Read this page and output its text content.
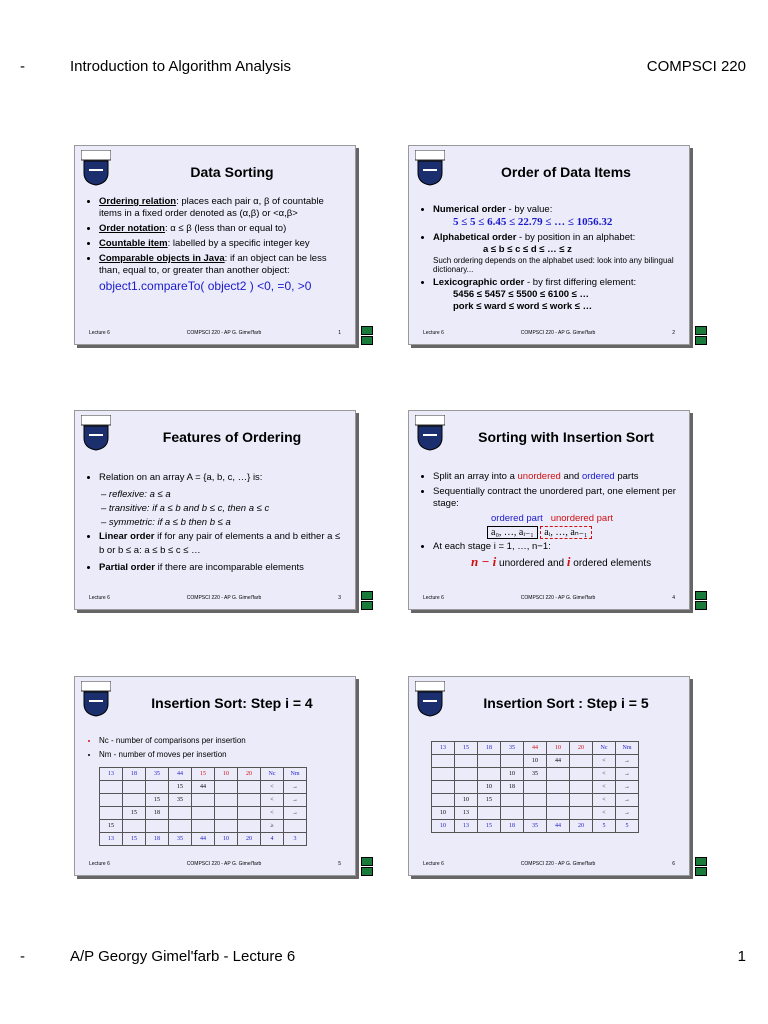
-	Introduction to Algorithm Analysis	COMPSCI 220
Data Sorting
• Ordering relation: places each pair α, β of countable items in a fixed order denoted as (α,β) or <α,β>
• Order notation: α ≤ β (less than or equal to)
• Countable item: labelled by a specific integer key
• Comparable objects in Java: if an object can be less than, equal to, or greater than another object:
object1.compareTo( object2 ) <0, =0, >0
Lecture 6	COMPSCI 220 - AP G. Gimel'farb	1
Order of Data Items
• Numerical order - by value:
5 ≤ 5 ≤ 6.45 ≤ 22.79 ≤ … ≤ 1056.32
• Alphabetical order - by position in an alphabet:
a ≤ b ≤ c ≤ d ≤ … ≤ z

Such ordering depends on the alphabet used: look into any bilingual dictionary...
• Lexicographic order - by first differing element:
5456 ≤ 5457 ≤ 5500 ≤ 6100 ≤ …
pork ≤ ward ≤ word ≤ work ≤ …
Lecture 6	COMPSCI 220 - AP G. Gimel'farb	2
Features of Ordering
• Relation on an array A = {a, b, c, …} is:
– reflexive: a ≤ a
– transitive: if a ≤ b and b ≤ c, then a ≤ c
– symmetric: if a ≤ b then b ≤ a
• Linear order if for any pair of elements a and b either a ≤ b or b ≤ a: a ≤ b ≤ c ≤ …
• Partial order if there are incomparable elements
Lecture 6	COMPSCI 220 - AP G. Gimel'farb	3
Sorting with Insertion Sort
• Split an array into a unordered and ordered parts
• Sequentially contract the unordered part, one element per stage:
ordered part unordered part
a₀, …, aᵢ₋₁ aᵢ, …, aₙ₋₁
• At each stage i = 1, …, n−1:
n − i unordered and i ordered elements
Lecture 6	COMPSCI 220 - AP G. Gimel'farb	4
Insertion Sort: Step i = 4
• Nc - number of comparisons per insertion
• Nm - number of moves per insertion
13	18	35	44	15	10	20	Nc	Nm
			15	44			<	→
		15	35				<	→
	15	18					<	→
15							≥	
13	15	18	35	44	10	20	4	3
Lecture 6	COMPSCI 220 - AP G. Gimel'farb	5
Insertion Sort : Step i = 5
13	15	18	35	44	10	20	Nc	Nm
				10	44		<	→
			10	35			<	→
		10	18				<	→
	10	15					<	→
10	13						<	→
10	13	15	18	35	44	20	5	5
Lecture 6	COMPSCI 220 - AP G. Gimel'farb	6
-	A/P Georgy Gimel'farb - Lecture 6	1
